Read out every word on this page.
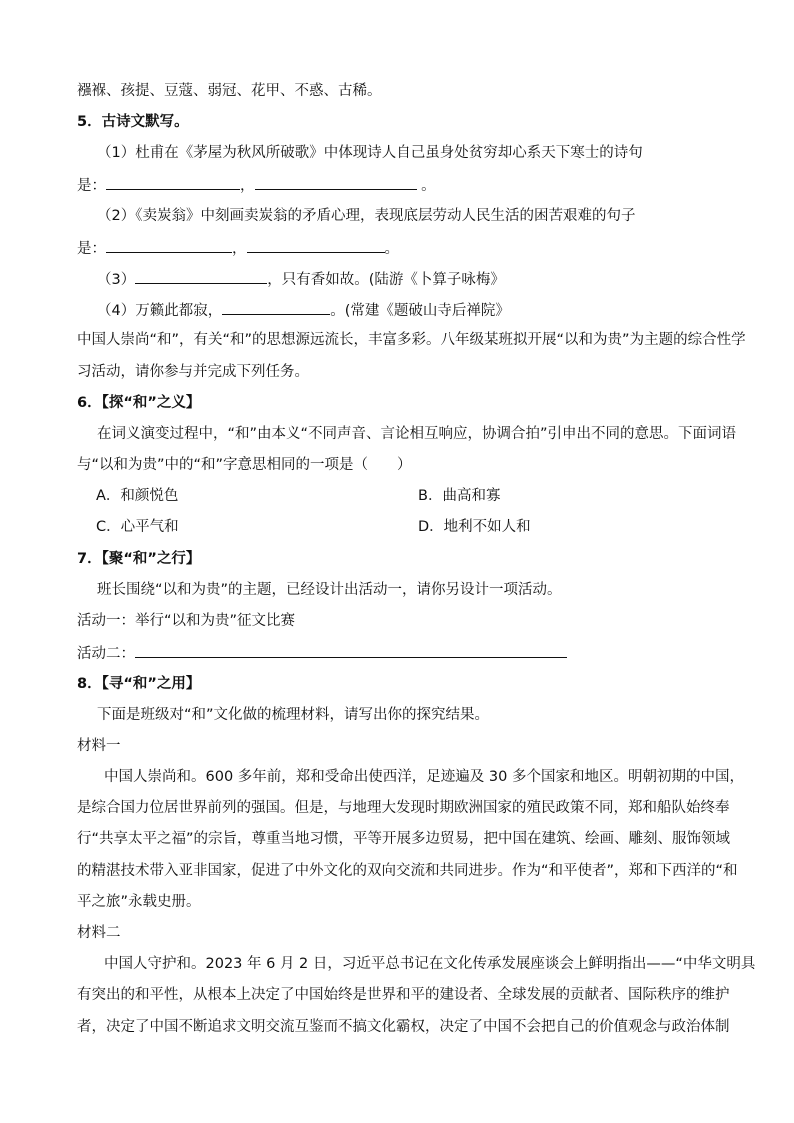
襁褓、孩提、豆蔻、弱冠、花甲、不惑、古稀。
5．古诗文默写。
（1）杜甫在《茅屋为秋风所破歌》中体现诗人自己虽身处贫穷却心系天下寒士的诗句
是：	，	。
（2）《卖炭翁》中刻画卖炭翁的矛盾心理，表现底层劳动人民生活的困苦艰难的句子
是：	，	。
（3）	，只有香如故。(陆游《卜算子咏梅》
（4）万籁此都寂，	。(常建《题破山寺后禅院》
中国人崇尚“和”，有关“和”的思想源远流长，丰富多彩。八年级某班拟开展“以和为贵”为主题的综合性学
习活动，请你参与并完成下列任务。
6．【探“和”之义】
在词义演变过程中，“和”由本义“不同声音、言论相互响应，协调合拍”引申出不同的意思。下面词语
与“以和为贵”中的“和”字意思相同的一项是（　　）
A．和颜悦色	B．曲高和寡
C．心平气和	D．地利不如人和
7．【聚“和”之行】
班长围绕“以和为贵”的主题，已经设计出活动一，请你另设计一项活动。
活动一：举行“以和为贵”征文比赛
活动二：
8．【寻“和”之用】
下面是班级对“和”文化做的梳理材料，请写出你的探究结果。
材料一
中国人崇尚和。600 多年前，郑和受命出使西洋，足迹遍及 30 多个国家和地区。明朝初期的中国，
是综合国力位居世界前列的强国。但是，与地理大发现时期欧洲国家的殖民政策不同，郑和船队始终奉
行“共享太平之福”的宗旨，尊重当地习惯，平等开展多边贸易，把中国在建筑、绘画、雕刻、服饰领域
的精湛技术带入亚非国家，促进了中外文化的双向交流和共同进步。作为“和平使者”，郑和下西洋的“和
平之旅”永载史册。
材料二
中国人守护和。2023 年 6 月 2 日，习近平总书记在文化传承发展座谈会上鲜明指出——“中华文明具
有突出的和平性，从根本上决定了中国始终是世界和平的建设者、全球发展的贡献者、国际秩序的维护
者，决定了中国不断追求文明交流互鉴而不搞文化霸权，决定了中国不会把自己的价值观念与政治体制
